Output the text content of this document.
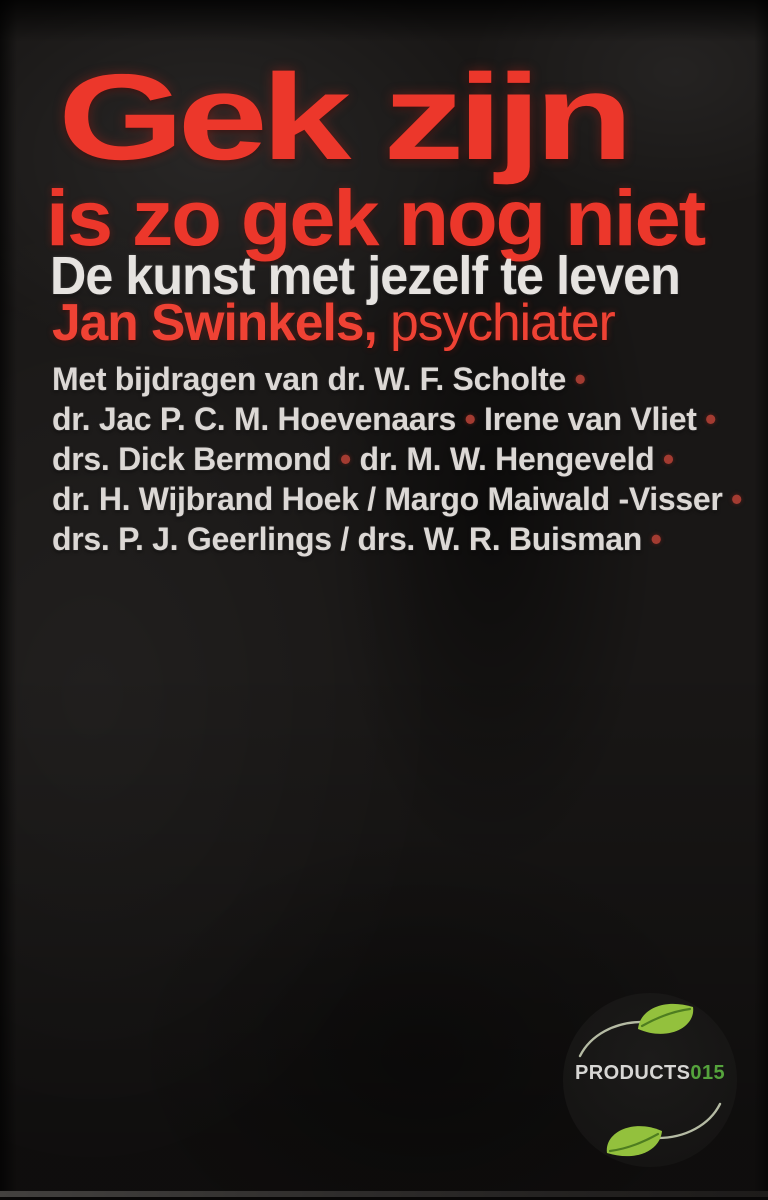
Gek zijn
is zo gek nog niet
De kunst met jezelf te leven
Jan Swinkels, psychiater
Met bijdragen van dr. W. F. Scholte •
dr. Jac P. C. M. Hoevenaars • Irene van Vliet •
drs. Dick Bermond • dr. M. W. Hengeveld •
dr. H. Wijbrand Hoek / Margo Maiwald -Visser •
drs. P. J. Geerlings / drs. W. R. Buisman •
PRODUCTS015
